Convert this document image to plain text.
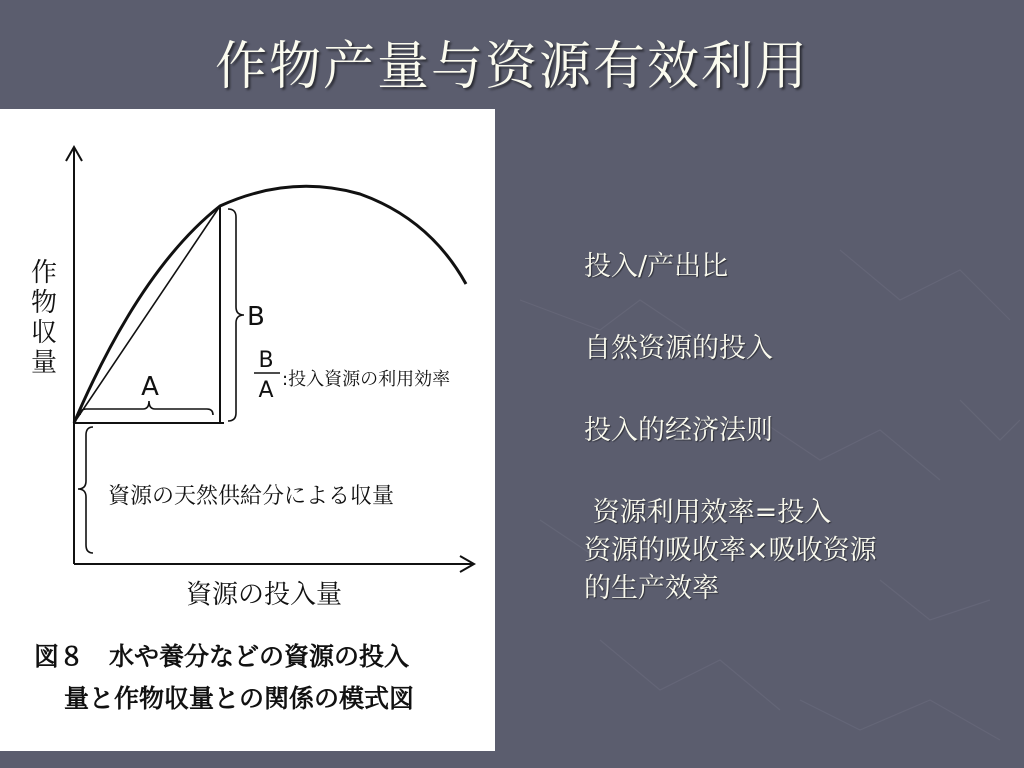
作物产量与资源有效利用
A
B
B
A :投入資源の利用効率
資源の天然供給分による収量
作
物
収
量
資源の投入量
図８　水や養分などの資源の投入
量と作物収量との関係の模式図
投入/产出比
自然资源的投入
投入的经济法则
资源利用效率=投入
资源的吸收率×吸收资源
的生产效率
